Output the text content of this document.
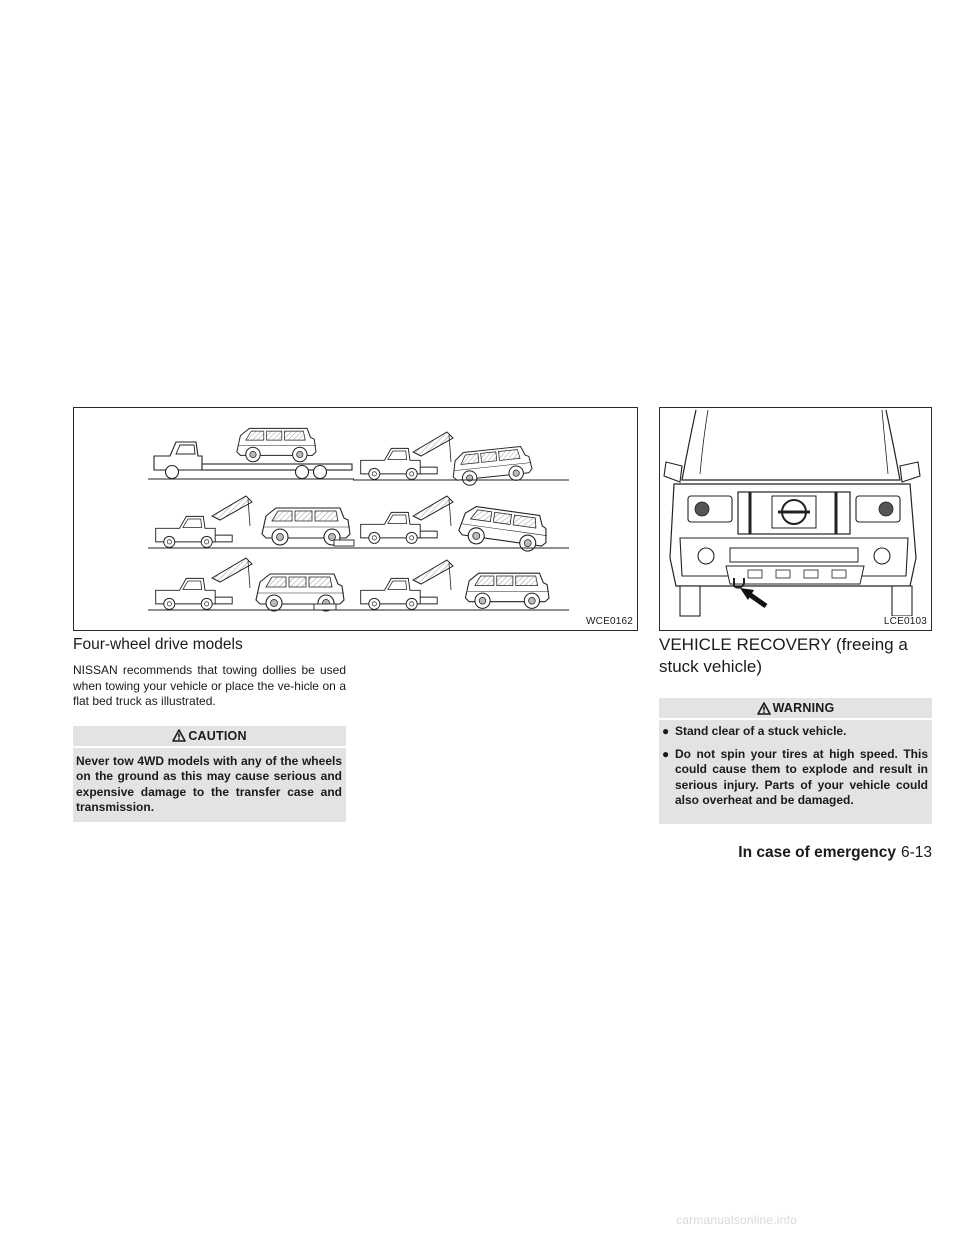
WCE0162	LCE0103
Four-wheel drive models

NISSAN recommends that towing dollies be used when towing your vehicle or place the ve-hicle on a flat bed truck as illustrated.

CAUTION
Never tow 4WD models with any of the wheels on the ground as this may cause serious and expensive damage to the transfer case and transmission.
VEHICLE RECOVERY (freeing a stuck vehicle)
WARNING
● Stand clear of a stuck vehicle.
● Do not spin your tires at high speed. This could cause them to explode and result in serious injury. Parts of your vehicle could also overheat and be damaged.
In case of emergency 6-13
carmanualsonline.info
